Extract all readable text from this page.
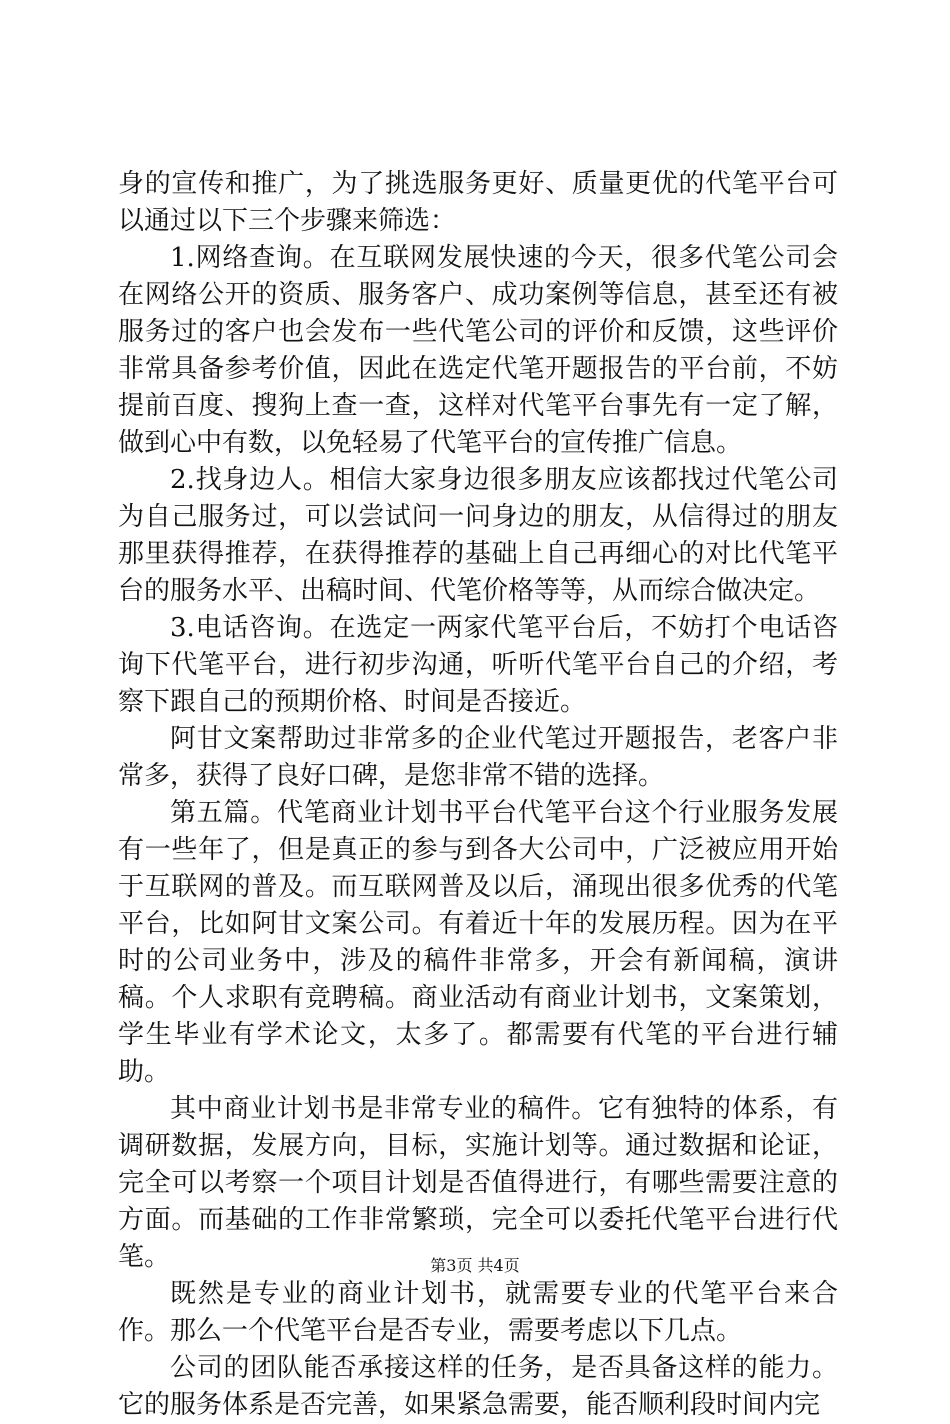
身的宣传和推广，为了挑选服务更好、质量更优的代笔平台可以通过以下三个步骤来筛选：

1.网络查询。在互联网发展快速的今天，很多代笔公司会在网络公开的资质、服务客户、成功案例等信息，甚至还有被服务过的客户也会发布一些代笔公司的评价和反馈，这些评价非常具备参考价值，因此在选定代笔开题报告的平台前，不妨提前百度、搜狗上查一查，这样对代笔平台事先有一定了解，做到心中有数，以免轻易了代笔平台的宣传推广信息。

2.找身边人。相信大家身边很多朋友应该都找过代笔公司为自己服务过，可以尝试问一问身边的朋友，从信得过的朋友那里获得推荐，在获得推荐的基础上自己再细心的对比代笔平台的服务水平、出稿时间、代笔价格等等，从而综合做决定。

3.电话咨询。在选定一两家代笔平台后，不妨打个电话咨询下代笔平台，进行初步沟通，听听代笔平台自己的介绍，考察下跟自己的预期价格、时间是否接近。

阿甘文案帮助过非常多的企业代笔过开题报告，老客户非常多，获得了良好口碑，是您非常不错的选择。

第五篇。代笔商业计划书平台代笔平台这个行业服务发展有一些年了，但是真正的参与到各大公司中，广泛被应用开始于互联网的普及。而互联网普及以后，涌现出很多优秀的代笔平台，比如阿甘文案公司。有着近十年的发展历程。因为在平时的公司业务中，涉及的稿件非常多，开会有新闻稿，演讲稿。个人求职有竞聘稿。商业活动有商业计划书，文案策划，学生毕业有学术论文，太多了。都需要有代笔的平台进行辅助。

其中商业计划书是非常专业的稿件。它有独特的体系，有调研数据，发展方向，目标，实施计划等。通过数据和论证，完全可以考察一个项目计划是否值得进行，有哪些需要注意的方面。而基础的工作非常繁琐，完全可以委托代笔平台进行代笔。

既然是专业的商业计划书，就需要专业的代笔平台来合作。那么一个代笔平台是否专业，需要考虑以下几点。

公司的团队能否承接这样的任务，是否具备这样的能力。它的服务体系是否完善，如果紧急需要，能否顺利段时间内完

第3页 共4页
